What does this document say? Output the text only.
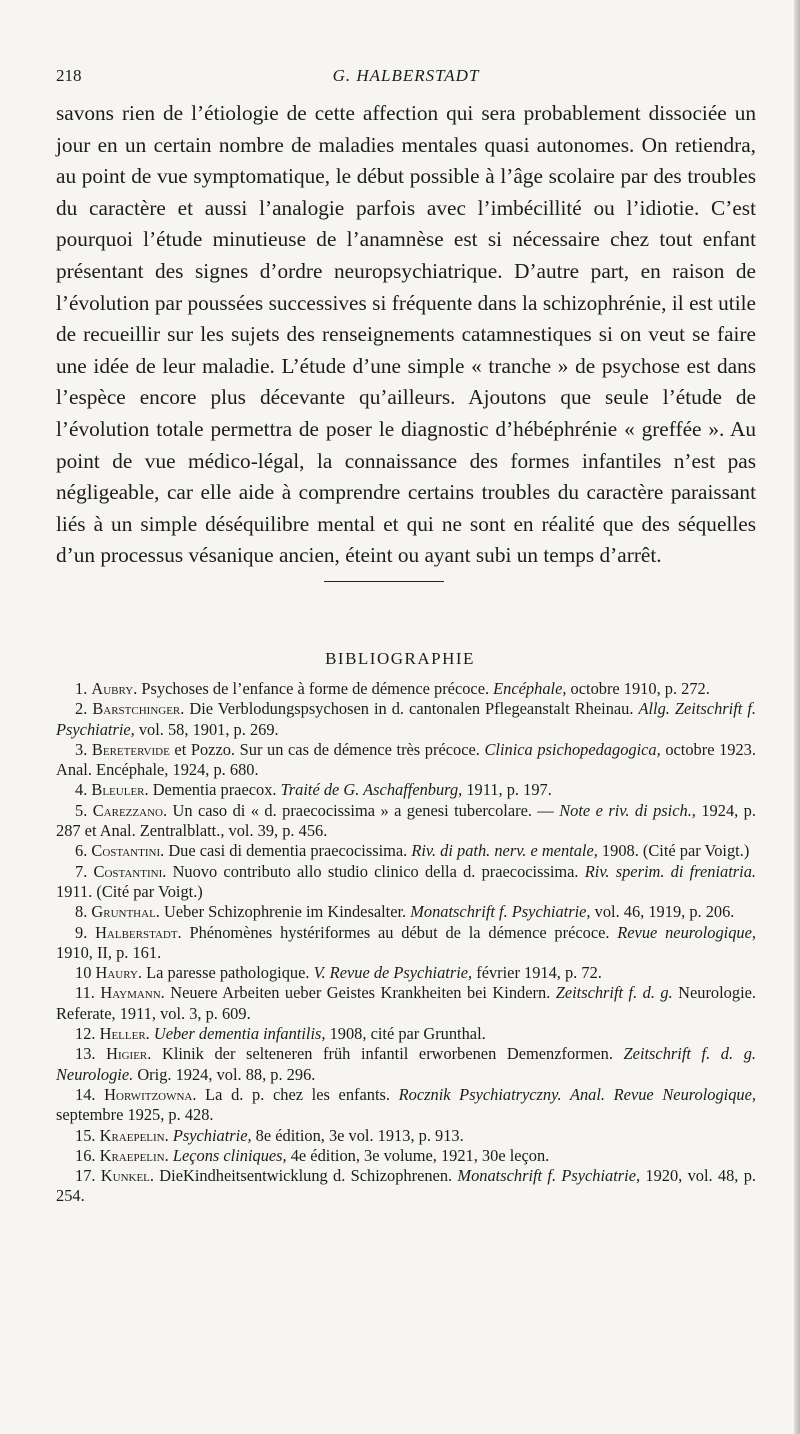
218	G. HALBERSTADT

savons rien de l’étiologie de cette affection qui sera probablement dissociée un jour en un certain nombre de maladies mentales quasi autonomes. On retiendra, au point de vue symptomatique, le début possible à l’âge scolaire par des troubles du caractère et aussi l’analogie parfois avec l’imbécillité ou l’idiotie. C’est pourquoi l’étude minutieuse de l’anamnèse est si nécessaire chez tout enfant présentant des signes d’ordre neuropsychiatrique. D’autre part, en raison de l’évolution par poussées successives si fréquente dans la schizophrénie, il est utile de recueillir sur les sujets des renseignements catamnestiques si on veut se faire une idée de leur maladie. L’étude d’une simple « tranche » de psychose est dans l’espèce encore plus décevante qu’ailleurs. Ajoutons que seule l’étude de l’évolution totale permettra de poser le diagnostic d’hébéphrénie « greffée ». Au point de vue médico-légal, la connaissance des formes infantiles n’est pas négligeable, car elle aide à comprendre certains troubles du caractère paraissant liés à un simple déséquilibre mental et qui ne sont en réalité que des séquelles d’un processus vésanique ancien, éteint ou ayant subi un temps d’arrêt.

BIBLIOGRAPHIE
1. Aubry. Psychoses de l’enfance à forme de démence précoce. Encéphale, octobre 1910, p. 272.
2. Barstchinger. Die Verblodungspsychosen in d. cantonalen Pflegeanstalt Rheinau. Allg. Zeitschrift f. Psychiatrie, vol. 58, 1901, p. 269.
3. Beretervide et Pozzo. Sur un cas de démence très précoce. Clinica psichopedagogica, octobre 1923. Anal. Encéphale, 1924, p. 680.
4. Bleuler. Dementia praecox. Traité de G. Aschaffenburg, 1911, p. 197.
5. Carezzano. Un caso di « d. praecocissima » a genesi tubercolare. — Note e riv. di psich., 1924, p. 287 et Anal. Zentralblatt., vol. 39, p. 456.
6. Costantini. Due casi di dementia praecocissima. Riv. di path. nerv. e mentale, 1908. (Cité par Voigt.)
7. Costantini. Nuovo contributo allo studio clinico della d. praecocissima. Riv. sperim. di freniatria. 1911. (Cité par Voigt.)
8. Grunthal. Ueber Schizophrenie im Kindesalter. Monatschrift f. Psychiatrie, vol. 46, 1919, p. 206.
9. Halberstadt. Phénomènes hystériformes au début de la démence précoce. Revue neurologique, 1910, II, p. 161.
10 Haury. La paresse pathologique. V. Revue de Psychiatrie, février 1914, p. 72.
11. Haymann. Neuere Arbeiten ueber Geistes Krankheiten bei Kindern. Zeitschrift f. d. g. Neurologie. Referate, 1911, vol. 3, p. 609.
12. Heller. Ueber dementia infantilis, 1908, cité par Grunthal.
13. Higier. Klinik der selteneren früh infantil erworbenen Demenzformen. Zeitschrift f. d. g. Neurologie. Orig. 1924, vol. 88, p. 296.
14. Horwitzowna. La d. p. chez les enfants. Rocznik Psychiatryczny. Anal. Revue Neurologique, septembre 1925, p. 428.
15. Kraepelin. Psychiatrie, 8e édition, 3e vol. 1913, p. 913.
16. Kraepelin. Leçons cliniques, 4e édition, 3e volume, 1921, 30e leçon.
17. Kunkel. DieKindheitsentwicklung d. Schizophrenen. Monatschrift f. Psychiatrie, 1920, vol. 48, p. 254.
